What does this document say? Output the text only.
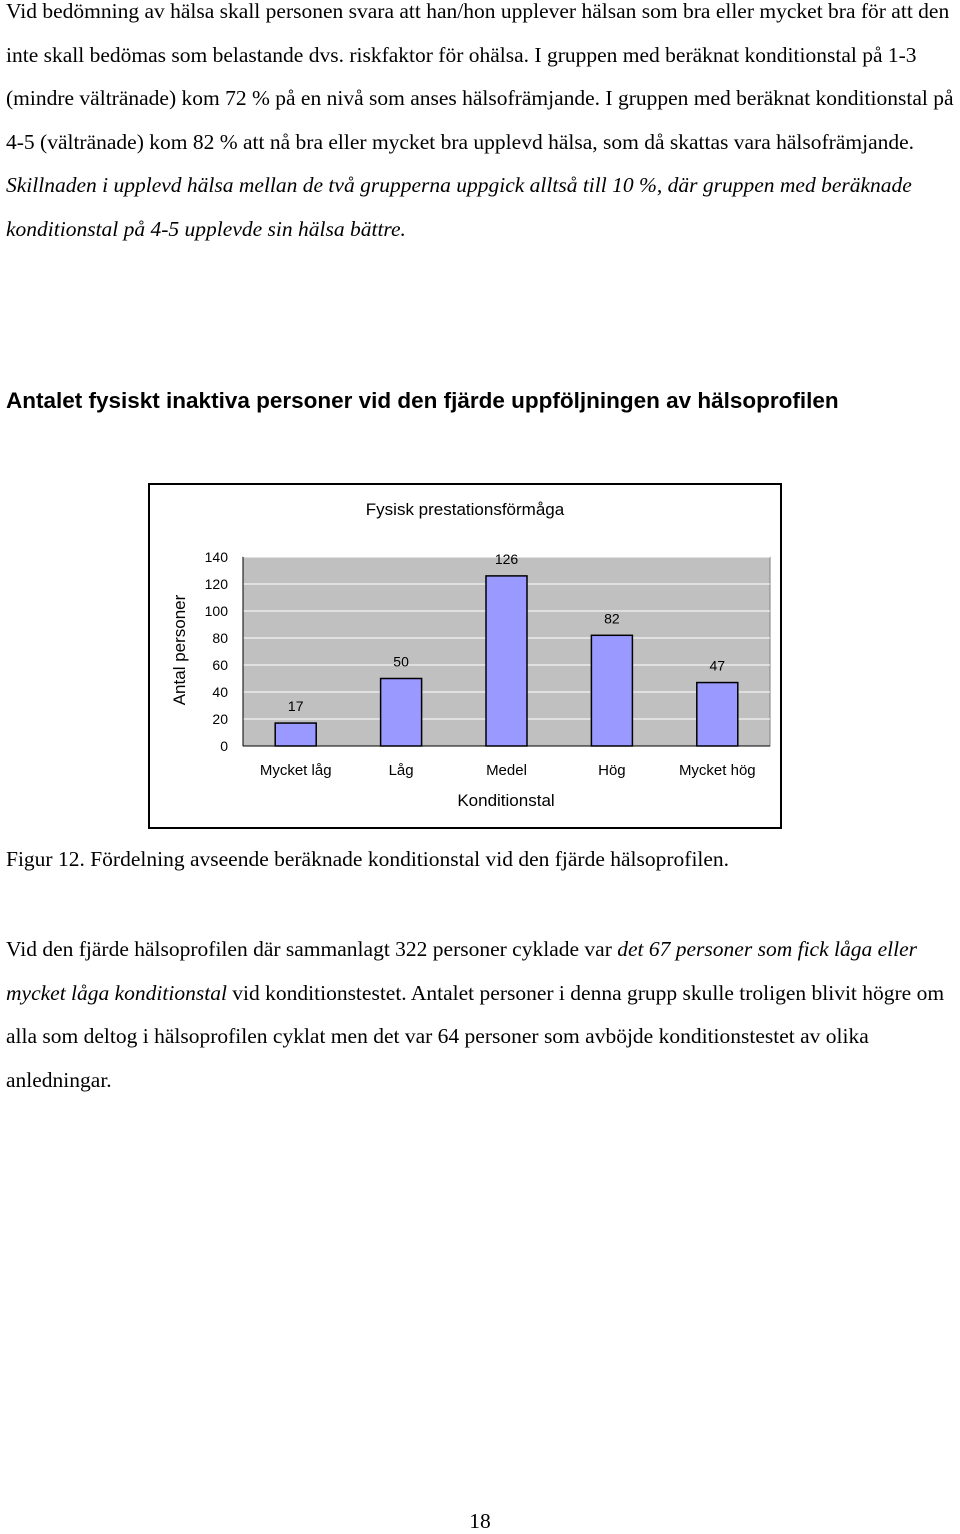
Vid bedömning av hälsa skall personen svara att han/hon upplever hälsan som bra eller mycket bra för att den inte skall bedömas som belastande dvs. riskfaktor för ohälsa. I gruppen med beräknat konditionstal på 1-3 (mindre vältränade) kom 72 % på en nivå som anses hälsofrämjande. I gruppen med beräknat konditionstal på 4-5 (vältränade) kom 82 % att nå bra eller mycket bra upplevd hälsa, som då skattas vara hälsofrämjande. Skillnaden i upplevd hälsa mellan de två grupperna uppgick alltså till 10 %, där gruppen med beräknade konditionstal på 4-5 upplevde sin hälsa bättre.

Antalet fysiskt inaktiva personer vid den fjärde uppföljningen av hälsoprofilen
Fysisk prestationsförmåga
Konditionstal
Antal personer
0
20
40
60
80
100
120
140
17
Mycket låg
50
Låg
126
Medel
82
Hög
47
Mycket hög

Figur 12. Fördelning avseende beräknade konditionstal vid den fjärde hälsoprofilen.

Vid den fjärde hälsoprofilen där sammanlagt 322 personer cyklade var det 67 personer som fick låga eller mycket låga konditionstal vid konditionstestet. Antalet personer i denna grupp skulle troligen blivit högre om alla som deltog i hälsoprofilen cyklat men det var 64 personer som avböjde konditionstestet av olika anledningar.

18
